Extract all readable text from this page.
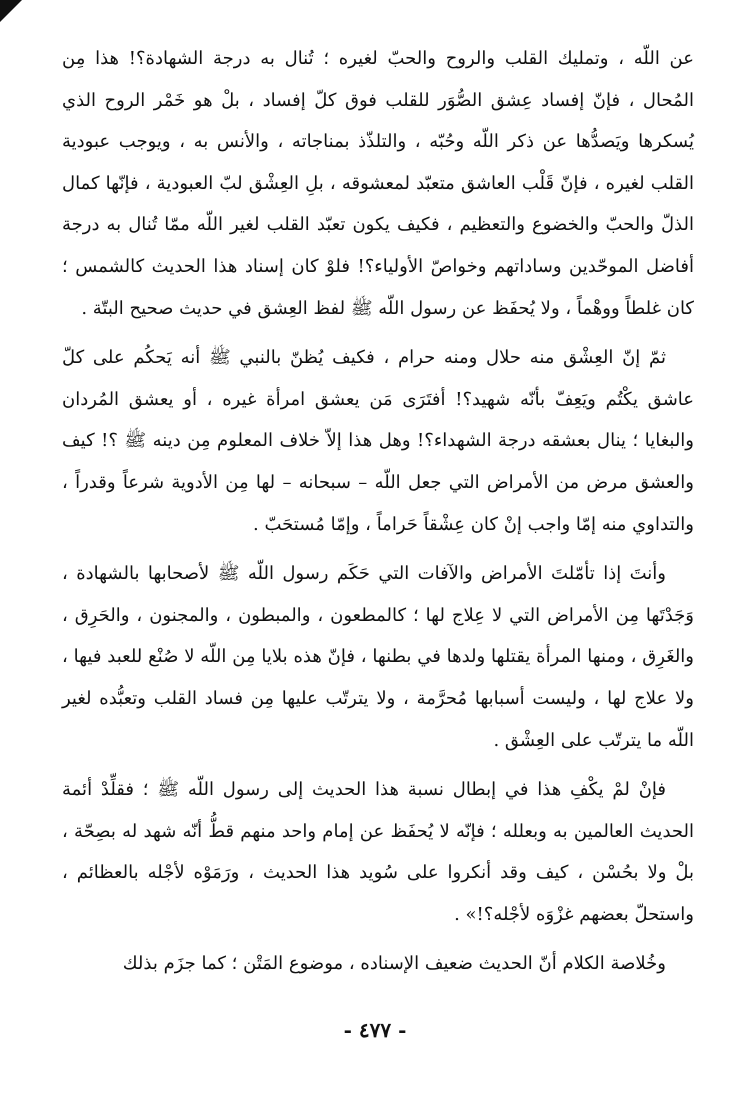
عن اللّه ، وتمليك القلب والروح والحبّ لغيره ؛ تُنال به درجة الشهادة؟! هذا مِن المُحال ، فإنّ إفساد عِشق الصُّوَر للقلب فوق كلّ إفساد ، بلْ هو خَمْر الروح الذي يُسكرها ويَصدُّها عن ذكر اللّه وحُبّه ، والتلذّذ بمناجاته ، والأنس به ، ويوجب عبودية القلب لغيره ، فإنّ قَلْب العاشق متعبّد لمعشوقه ، بلِ العِشْق لبّ العبودية ، فإنّها كمال الذلّ والحبّ والخضوع والتعظيم ، فكيف يكون تعبّد القلب لغير اللّه ممّا تُنال به درجة أفاضل الموحّدين وساداتهم وخواصّ الأولياء؟! فلوْ كان إسناد هذا الحديث كالشمس ؛ كان غلطاً ووهْماً ، ولا يُحفَظ عن رسول اللّه ﷺ لفظ العِشق في حديث صحيح البتّة .

ثمّ إنّ العِشْق منه حلال ومنه حرام ، فكيف يُظنّ بالنبي ﷺ أنه يَحكُم على كلّ عاشق يكْتُم ويَعِفّ بأنّه شهيد؟! أفتَرَى مَن يعشق امرأة غيره ، أو يعشق المُردان والبغايا ؛ ينال بعشقه درجة الشهداء؟! وهل هذا إلاّ خلاف المعلوم مِن دينه ﷺ ؟! كيف والعشق مرض من الأمراض التي جعل اللّه – سبحانه – لها مِن الأدوية شرعاً وقدراً ، والتداوي منه إمّا واجب إنْ كان عِشْقاً حَراماً ، وإمّا مُستحَبّ .

وأنتَ إذا تأمّلتَ الأمراض والآفات التي حَكَم رسول اللّه ﷺ لأصحابها بالشهادة ، وَجَدْتَها مِن الأمراض التي لا عِلاج لها ؛ كالمطعون ، والمبطون ، والمجنون ، والحَرِق ، والغَرِق ، ومنها المرأة يقتلها ولدها في بطنها ، فإنّ هذه بلايا مِن اللّه لا صُنْع للعبد فيها ، ولا علاج لها ، وليست أسبابها مُحرَّمة ، ولا يترتّب عليها مِن فساد القلب وتعبُّده لغير اللّه ما يترتّب على العِشْق .

فإنْ لمْ يكْفِ هذا في إبطال نسبة هذا الحديث إلى رسول اللّه ﷺ ؛ فقلِّدْ أئمة الحديث العالمين به وبعلله ؛ فإنّه لا يُحفَظ عن إمام واحد منهم قطُّ أنّه شهد له بصِحّة ، بلْ ولا بحُسْن ، كيف وقد أنكروا على سُويد هذا الحديث ، ورَمَوْه لأجْله بالعظائم ، واستحلّ بعضهم غزْوَه لأجْله؟!» .

وخُلاصة الكلام أنّ الحديث ضعيف الإسناده ، موضوع المَتْن ؛ كما جزَم بذلك

- ٤٧٧ -
